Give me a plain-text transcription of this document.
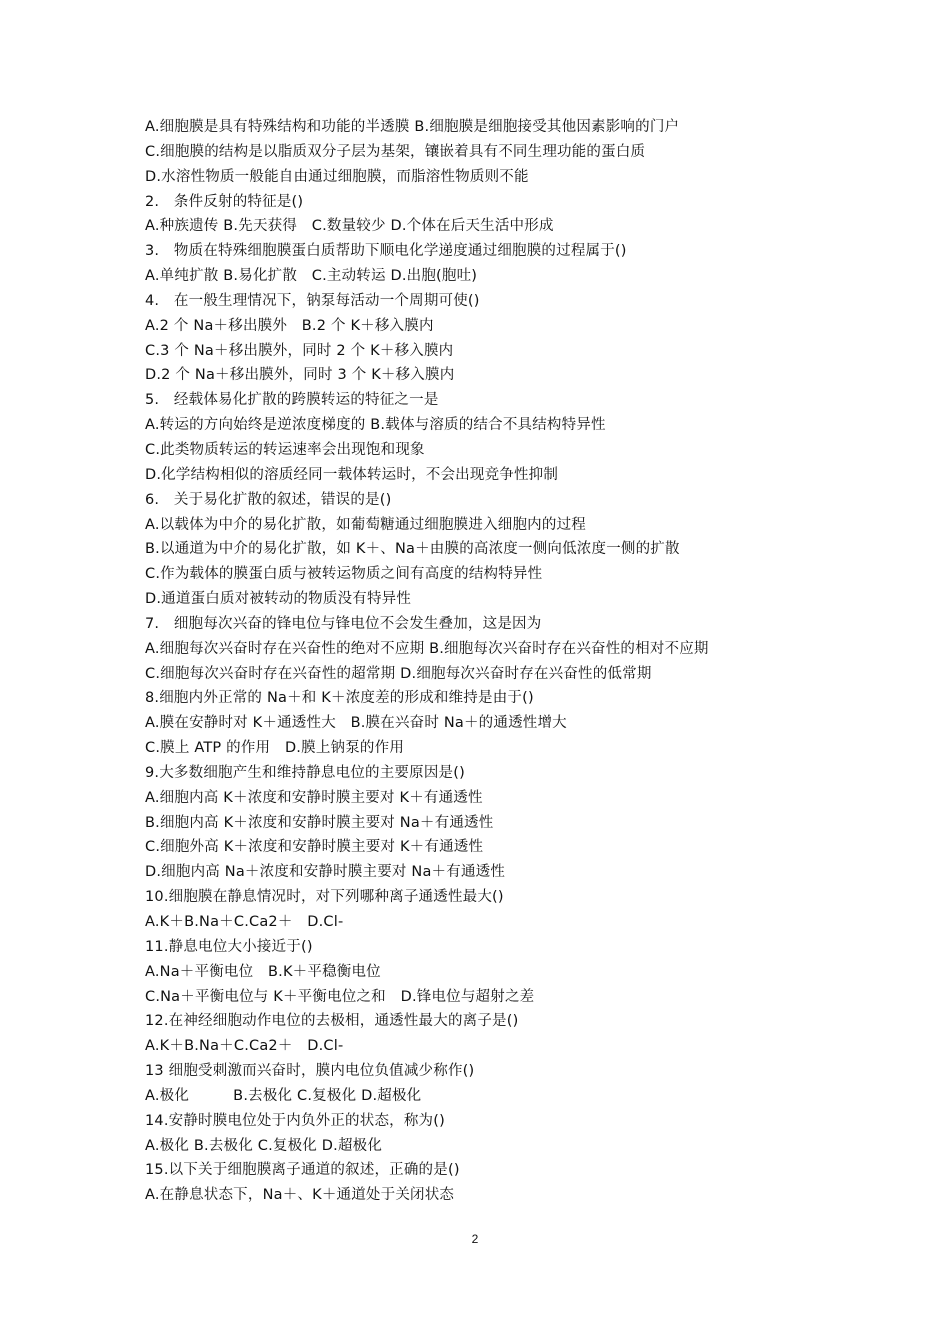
A.细胞膜是具有特殊结构和功能的半透膜 B.细胞膜是细胞接受其他因素影响的门户
C.细胞膜的结构是以脂质双分子层为基架，镶嵌着具有不同生理功能的蛋白质
D.水溶性物质一般能自由通过细胞膜，而脂溶性物质则不能
2.　条件反射的特征是()
A.种族遗传 B.先天获得　C.数量较少 D.个体在后天生活中形成
3.　物质在特殊细胞膜蛋白质帮助下顺电化学递度通过细胞膜的过程属于()
A.单纯扩散 B.易化扩散　C.主动转运 D.出胞(胞吐)
4.　在一般生理情况下，钠泵每活动一个周期可使()
A.2 个 Na＋移出膜外　B.2 个 K＋移入膜内
C.3 个 Na＋移出膜外，同时 2 个 K＋移入膜内
D.2 个 Na＋移出膜外，同时 3 个 K＋移入膜内
5.　经载体易化扩散的跨膜转运的特征之一是
A.转运的方向始终是逆浓度梯度的 B.载体与溶质的结合不具结构特异性
C.此类物质转运的转运速率会出现饱和现象
D.化学结构相似的溶质经同一载体转运时，不会出现竞争性抑制
6.　关于易化扩散的叙述，错误的是()
A.以载体为中介的易化扩散，如葡萄糖通过细胞膜进入细胞内的过程
B.以通道为中介的易化扩散，如 K＋、Na＋由膜的高浓度一侧向低浓度一侧的扩散
C.作为载体的膜蛋白质与被转运物质之间有高度的结构特异性
D.通道蛋白质对被转动的物质没有特异性
7.　细胞每次兴奋的锋电位与锋电位不会发生叠加，这是因为
A.细胞每次兴奋时存在兴奋性的绝对不应期 B.细胞每次兴奋时存在兴奋性的相对不应期
C.细胞每次兴奋时存在兴奋性的超常期 D.细胞每次兴奋时存在兴奋性的低常期
8.细胞内外正常的 Na＋和 K＋浓度差的形成和维持是由于()
A.膜在安静时对 K＋通透性大　B.膜在兴奋时 Na＋的通透性增大
C.膜上 ATP 的作用　D.膜上钠泵的作用
9.大多数细胞产生和维持静息电位的主要原因是()
A.细胞内高 K＋浓度和安静时膜主要对 K＋有通透性
B.细胞内高 K＋浓度和安静时膜主要对 Na＋有通透性
C.细胞外高 K＋浓度和安静时膜主要对 K＋有通透性
D.细胞内高 Na＋浓度和安静时膜主要对 Na＋有通透性
10.细胞膜在静息情况时，对下列哪种离子通透性最大()
A.K＋B.Na＋C.Ca2＋　D.Cl-
11.静息电位大小接近于()
A.Na＋平衡电位　B.K＋平稳衡电位
C.Na＋平衡电位与 K＋平衡电位之和　D.锋电位与超射之差
12.在神经细胞动作电位的去极相，通透性最大的离子是()
A.K＋B.Na＋C.Ca2＋　D.Cl-
13 细胞受刺激而兴奋时，膜内电位负值减少称作()
A.极化　　　B.去极化 C.复极化 D.超极化
14.安静时膜电位处于内负外正的状态，称为()
A.极化 B.去极化 C.复极化 D.超极化
15.以下关于细胞膜离子通道的叙述，正确的是()
A.在静息状态下，Na＋、K＋通道处于关闭状态
2
